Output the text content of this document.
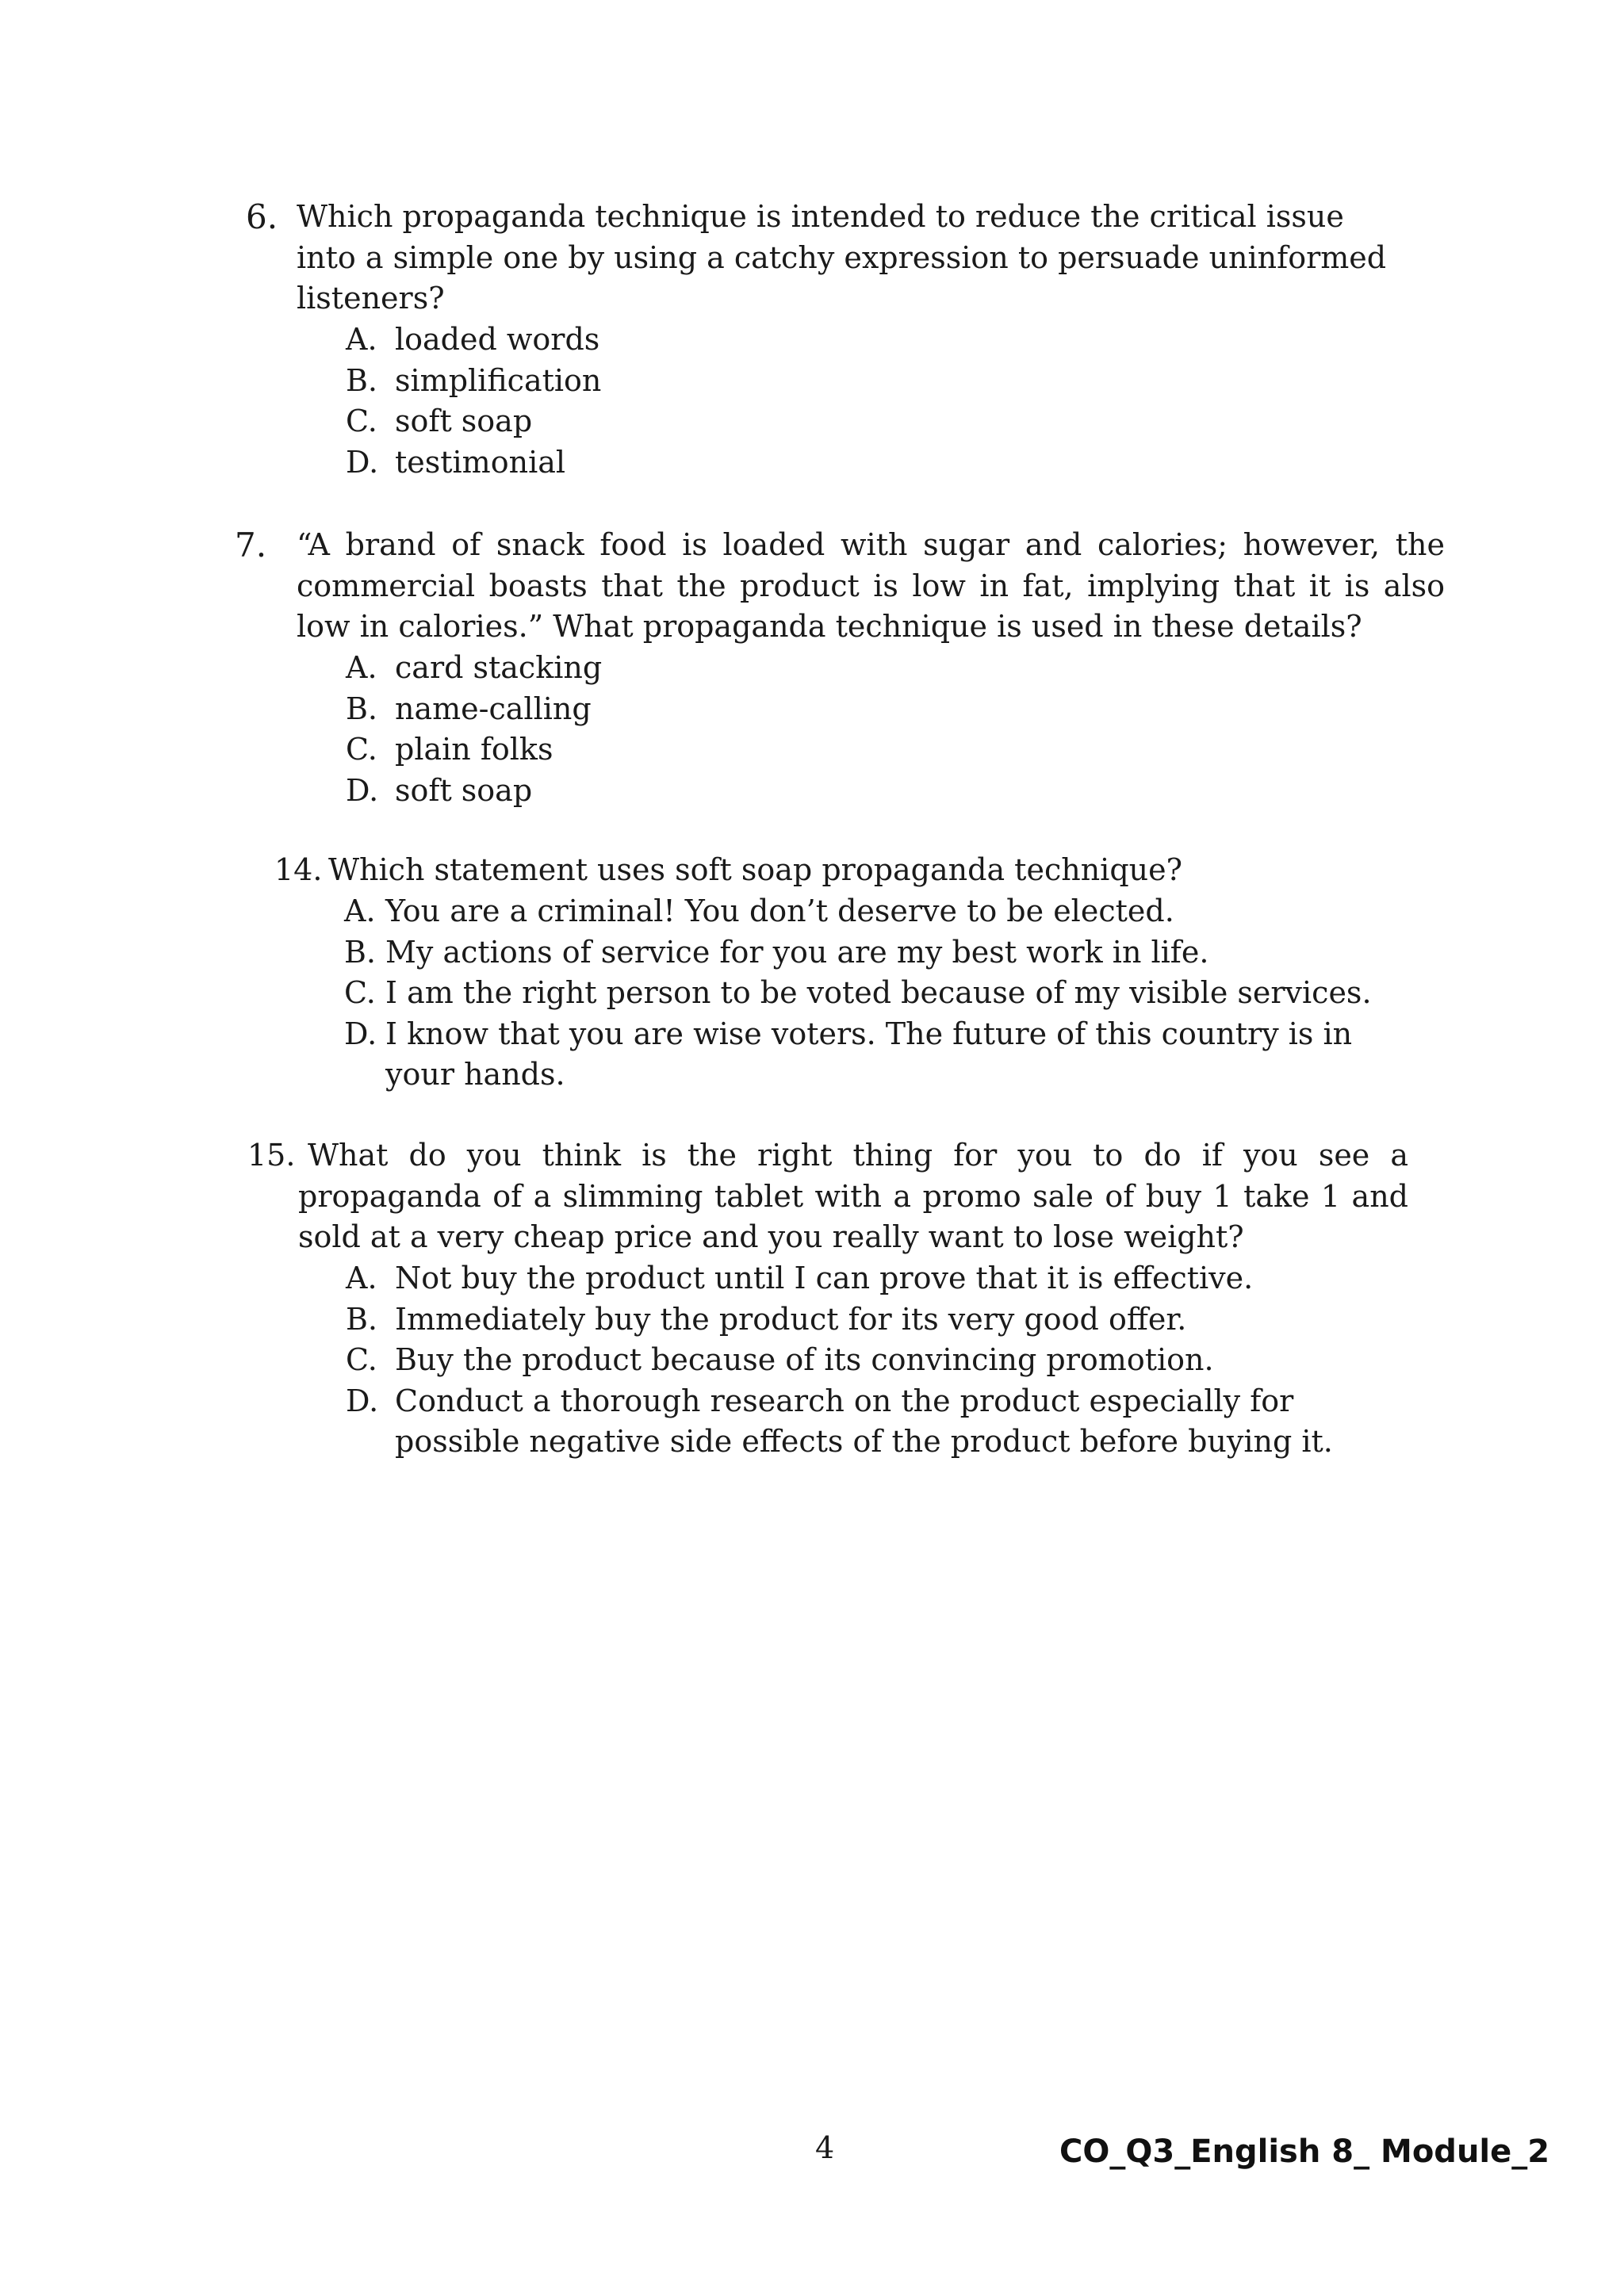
6. Which propaganda technique is intended to reduce the critical issue into a simple one by using a catchy expression to persuade uninformed listeners?
A. loaded words
B. simplification
C. soft soap
D. testimonial
7. “A brand of snack food is loaded with sugar and calories; however, the commercial boasts that the product is low in fat, implying that it is also low in calories.” What propaganda technique is used in these details?
A. card stacking
B. name-calling
C. plain folks
D. soft soap
14. Which statement uses soft soap propaganda technique?
A. You are a criminal! You don’t deserve to be elected.
B. My actions of service for you are my best work in life.
C. I am the right person to be voted because of my visible services.
D. I know that you are wise voters. The future of this country is in your hands.
15. What do you think is the right thing for you to do if you see a propaganda of a slimming tablet with a promo sale of buy 1 take 1 and sold at a very cheap price and you really want to lose weight?
A. Not buy the product until I can prove that it is effective.
B. Immediately buy the product for its very good offer.
C. Buy the product because of its convincing promotion.
D. Conduct a thorough research on the product especially for possible negative side effects of the product before buying it.
4	CO_Q3_English 8_ Module_2
